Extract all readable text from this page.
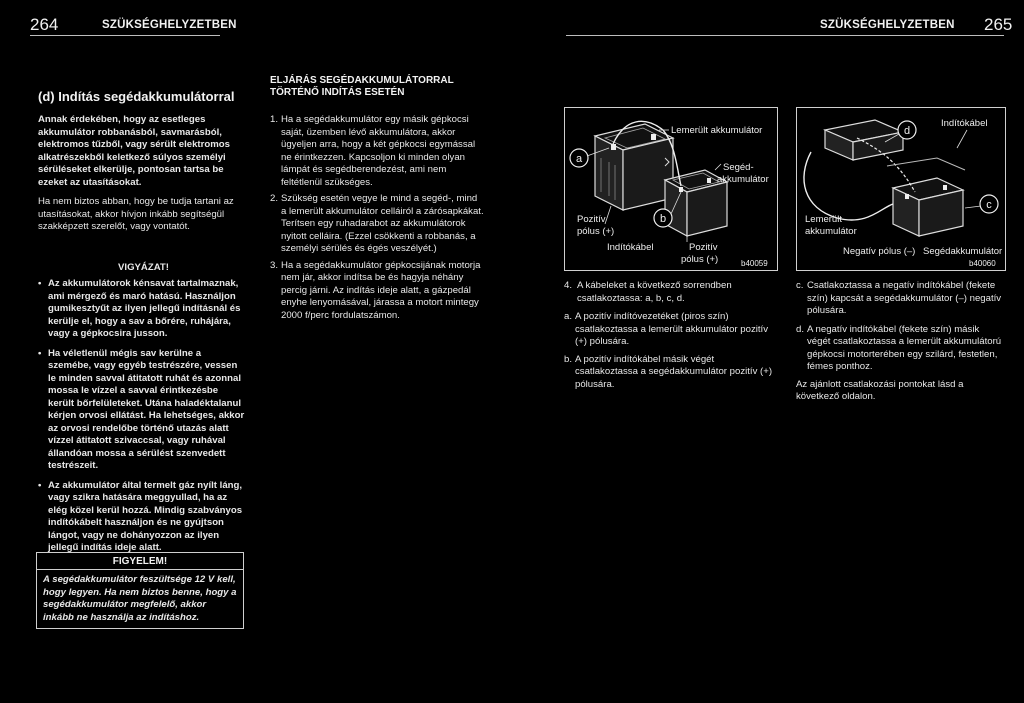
264	SZÜKSÉGHELYZETBEN	SZÜKSÉGHELYZETBEN 265
(d) Indítás segédakkumulátorral

Annak érdekében, hogy az esetleges akkumulátor robbanásból, savmarásból, elektromos tűzből, vagy sérült elektromos alkatrészekből keletkező súlyos személyi sérüléseket elkerülje, pontosan tartsa be ezeket az utasításokat.

Ha nem biztos abban, hogy be tudja tartani az utasításokat, akkor hívjon inkább segítségül szakképzett szerelőt, vagy vontatót.

VIGYÁZAT!

• Az akkumulátorok kénsavat tartalmaznak, ami mérgező és maró hatású. Használjon gumikesztyűt az ilyen jellegű indításnál és kerülje el, hogy a sav a bőrére, ruhájára, vagy a gépkocsira jusson.

• Ha véletlenül mégis sav kerülne a szemébe, vagy egyéb testrészére, vessen le minden savval átitatott ruhát és azonnal mossa le vízzel a savval érintkezésbe került bőrfelületeket. Utána haladéktalanul kérjen orvosi ellátást. Ha lehetséges, akkor az orvosi rendelőbe történő utazás alatt vízzel átitatott szivaccsal, vagy ruhával állandóan mossa a sérülést szenvedett testrészeit.

• Az akkumulátor által termelt gáz nyílt láng, vagy szikra hatására meggyullad, ha az elég közel kerül hozzá. Mindig szabványos indítókábelt használjon és ne gyújtson lángot, vagy ne dohányozzon az ilyen jellegű indítás ideje alatt.

FIGYELEM!

A segédakkumulátor feszültsége 12 V kell, hogy legyen. Ha nem biztos benne, hogy a segédakkumulátor megfelelő, akkor inkább ne használja az indításhoz.

ELJÁRÁS SEGÉDAKKUMULÁTORRAL
TÖRTÉNŐ INDÍTÁS ESETÉN
1. Ha a segédakkumulátor egy másik gépkocsi saját, üzemben lévő akkumulátora, akkor ügyeljen arra, hogy a két gépkocsi egymással ne érintkezzen. Kapcsoljon ki minden olyan lámpát és segédberendezést, ami nem feltétlenül szükséges.
2. Szükség esetén vegye le mind a segéd-, mind a lemerült akkumulátor celláiról a zárósapkákat. Terítsen egy ruhadarabot az akkumulátorok nyitott celláira. (Ezzel csökkenti a robbanás, a személyi sérülés és égés veszélyét.)
3. Ha a segédakkumulátor gépkocsijának motorja nem jár, akkor indítsa be és hagyja néhány percig járni. Az indítás ideje alatt, a gázpedál enyhe lenyomásával, járassa a motort mintegy 2000 f/perc fordulatszámon.
a
b
Lemerült akkumulátor
Segéd-
akkumulátor
Pozitív
pólus (+)
Indítókábel	Pozitív
pólus (+)	b40059
4. A kábeleket a következő sorrendben csatlakoztassa: a, b, c, d.
a. A pozitív indítóvezetéket (piros szín) csatlakoztassa a lemerült akkumulátor pozitív (+) pólusára.
b. A pozitív indítókábel másik végét csatlakoztassa a segédakkumulátor pozitív (+) pólusára.
d
c
Indítókábel
Lemerült
akkumulátor
Negatív pólus (–) Segédakkumulátor
b40060
c. Csatlakoztassa a negatív indítókábel (fekete szín) kapcsát a segédakkumulátor (–) negatív pólusára.
d. A negatív indítókábel (fekete szín) másik végét csatlakoztassa a lemerült akkumulátorú gépkocsi motorterében egy szilárd, festetlen, fémes ponthoz.

Az ajánlott csatlakozási pontokat lásd a következő oldalon.
